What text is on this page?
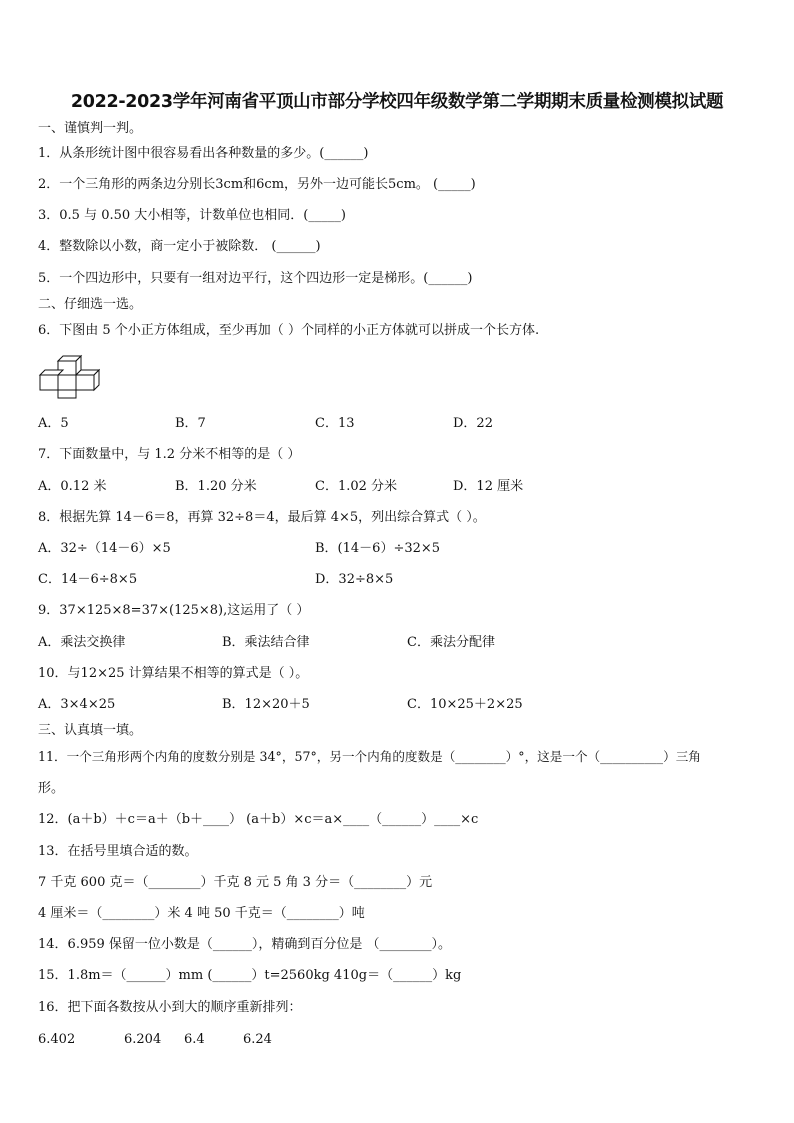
2022-2023学年河南省平顶山市部分学校四年级数学第二学期期末质量检测模拟试题
一、谨慎判一判。
1．从条形统计图中很容易看出各种数量的多少。(______)
2．一个三角形的两条边分别长3cm和6cm，另外一边可能长5cm。 (_____)
3．0.5 与 0.50 大小相等，计数单位也相同．(_____)
4．整数除以小数，商一定小于被除数． (______)
5．一个四边形中，只要有一组对边平行，这个四边形一定是梯形。(______)
二、仔细选一选。
6．下图由 5 个小正方体组成，至少再加（ ）个同样的小正方体就可以拼成一个长方体.
A．5	B．7	C．13	D．22
7．下面数量中，与 1.2 分米不相等的是（ ）
A．0.12 米	B．1.20 分米	C．1.02 分米	D．12 厘米
8．根据先算 14－6＝8，再算 32÷8＝4，最后算 4×5，列出综合算式（ ）。
A．32÷（14－6）×5	B．(14－6）÷32×5
C．14－6÷8×5	D．32÷8×5
9．37×125×8=37×(125×8),这运用了（ ）
A．乘法交换律	B．乘法结合律	C．乘法分配律
10．与12×25 计算结果不相等的算式是（ ）。
A．3×4×25	B．12×20＋5	C．10×25＋2×25
三、认真填一填。
11．一个三角形两个内角的度数分别是 34°，57°，另一个内角的度数是（________）°，这是一个（__________）三角
形。
12．(a＋b）＋c＝a＋（b＋____） (a＋b）×c＝a×____（______）____×c
13．在括号里填合适的数。
7 千克 600 克＝（________）千克 8 元 5 角 3 分＝（________）元
4 厘米＝（________）米 4 吨 50 千克＝（________）吨
14．6.959 保留一位小数是（______），精确到百分位是 （________）。
15．1.8m＝（______）mm (______）t=2560kg 410g＝（______）kg
16．把下面各数按从小到大的顺序重新排列：
6.402	6.204 6.4	6.24
